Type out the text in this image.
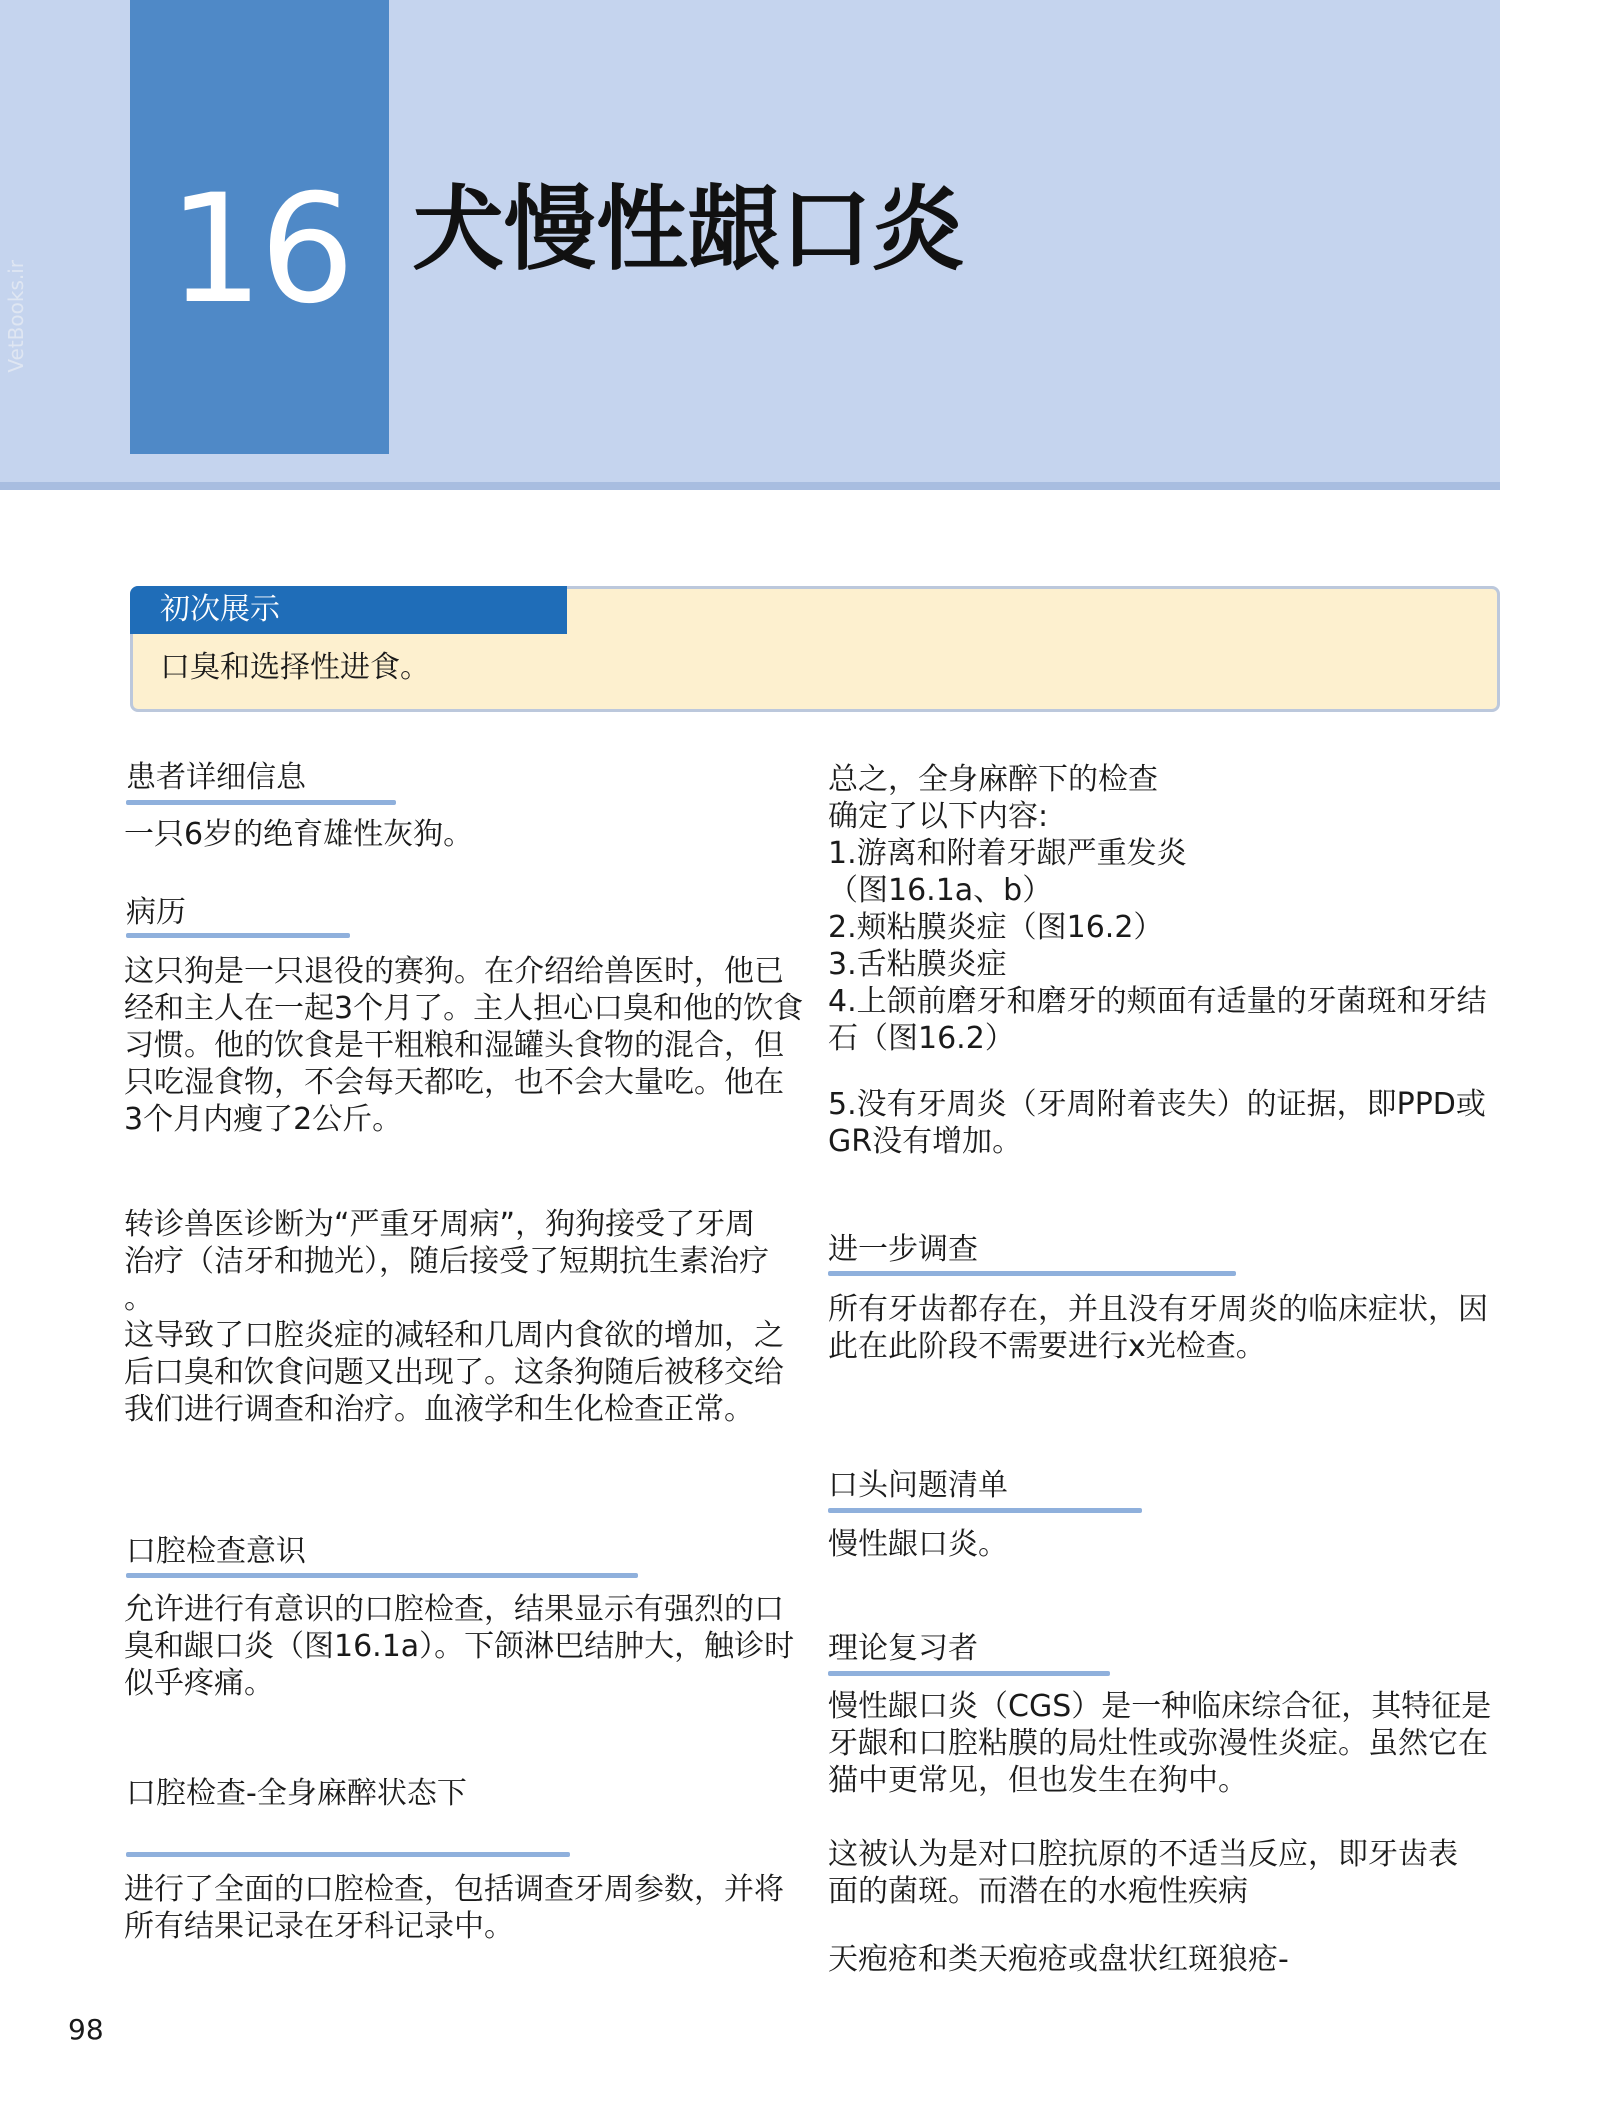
16 犬慢性龈口炎
VetBooks.ir
初次展示
口臭和选择性进食。
患者详细信息
一只6岁的绝育雄性灰狗。
病历
这只狗是一只退役的赛狗。在介绍给兽医时，他已
经和主人在一起3个月了。主人担心口臭和他的饮食
习惯。他的饮食是干粗粮和湿罐头食物的混合，但
只吃湿食物，不会每天都吃，也不会大量吃。他在
3个月内瘦了2公斤。
转诊兽医诊断为“严重牙周病”，狗狗接受了牙周
治疗（洁牙和抛光），随后接受了短期抗生素治疗
。
这导致了口腔炎症的减轻和几周内食欲的增加，之
后口臭和饮食问题又出现了。这条狗随后被移交给
我们进行调查和治疗。血液学和生化检查正常。
口腔检查意识
允许进行有意识的口腔检查，结果显示有强烈的口
臭和龈口炎（图16.1a）。下颌淋巴结肿大，触诊时
似乎疼痛。
口腔检查-全身麻醉状态下
进行了全面的口腔检查，包括调查牙周参数，并将
所有结果记录在牙科记录中。
总之，全身麻醉下的检查
确定了以下内容:
1.游离和附着牙龈严重发炎
（图16.1a、b）
2.颊粘膜炎症（图16.2）
3.舌粘膜炎症
4.上颌前磨牙和磨牙的颊面有适量的牙菌斑和牙结
石（图16.2）
5.没有牙周炎（牙周附着丧失）的证据，即PPD或
GR没有增加。
进一步调查
所有牙齿都存在，并且没有牙周炎的临床症状，因
此在此阶段不需要进行x光检查。
口头问题清单
慢性龈口炎。
理论复习者
慢性龈口炎（CGS）是一种临床综合征，其特征是
牙龈和口腔粘膜的局灶性或弥漫性炎症。虽然它在
猫中更常见，但也发生在狗中。
这被认为是对口腔抗原的不适当反应，即牙齿表
面的菌斑。而潜在的水疱性疾病
天疱疮和类天疱疮或盘状红斑狼疮-
98
